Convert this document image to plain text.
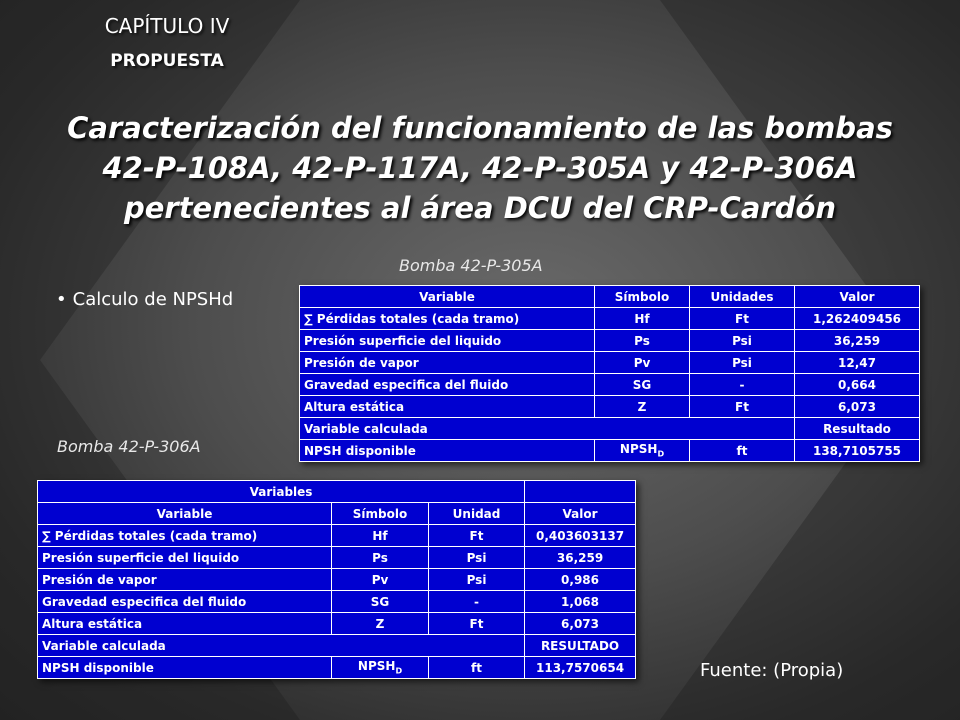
CAPÍTULO IV
PROPUESTA
Caracterización del funcionamiento de las bombas 42-P-108A, 42-P-117A, 42-P-305A y 42-P-306A pertenecientes al área DCU del CRP-Cardón
Bomba 42-P-305A
• Calculo de NPSHd	Variable	Símbolo	Unidades	Valor
∑ Pérdidas totales (cada tramo)	Hf	Ft	1,262409456
Presión superficie del liquido	Ps	Psi	36,259
Presión de vapor	Pv	Psi	12,47
Gravedad especifica del fluido	SG	-	0,664
Altura estática	Z	Ft	6,073
Variable calculada			Resultado
NPSH disponible	$NPSH_D$	ft	138,7105755
Bomba 42-P-306A
Variables			
Variable	Símbolo	Unidad	Valor
∑ Pérdidas totales (cada tramo)	Hf	Ft	0,403603137
Presión superficie del liquido	Ps	Psi	36,259
Presión de vapor	Pv	Psi	0,986
Gravedad especifica del fluido	SG	-	1,068
Altura estática	Z	Ft	6,073
Variable calculada			RESULTADO
NPSH disponible	$NPSH_D$	ft	113,7570654	Fuente: (Propia)
